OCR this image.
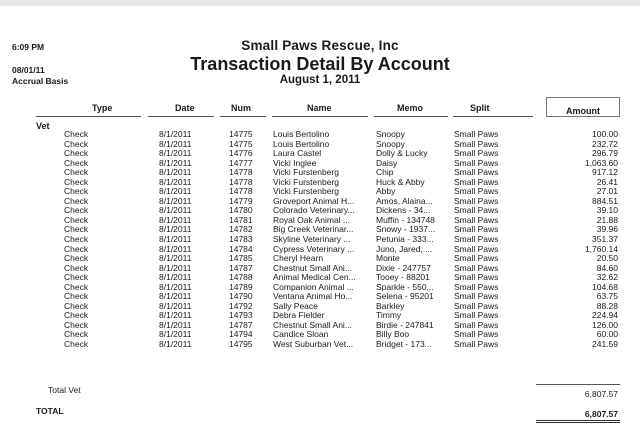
6:09 PM
08/01/11
Accrual Basis
Small Paws Rescue, Inc
Transaction Detail By Account
August 1, 2011
Type	Date	Num	Name	Memo	Split	Amount
Vet
Check	8/1/2011	14775 Louis Bertolino	Snoopy	Small Paws	100.00
Check	8/1/2011	14775 Louis Bertolino	Snoopy	Small Paws	232.72
Check	8/1/2011	14776 Laura Castel	Dolly & Lucky	Small Paws	296.79
Check	8/1/2011	14777 Vicki Inglee	Daisy	Small Paws	1,063.60
Check	8/1/2011	14778 Vicki Furstenberg	Chip	Small Paws	917.12
Check	8/1/2011	14778 Vicki Furstenberg	Huck & Abby	Small Paws	26.41
Check	8/1/2011	14778 Vicki Furstenberg	Abby	Small Paws	27.01
Check	8/1/2011	14779 Groveport Animal H...	Amos, Alaina...	Small Paws	884.51
Check	8/1/2011	14780 Colorado Veterinary...	Dickens - 34...	Small Paws	39.10
Check	8/1/2011	14781 Royal Oak Animal ...	Muffin - 134748 Small Paws	21.88
Check	8/1/2011	14782 Big Creek Veterinar...	Snowy - 1937... Small Paws	39.96
Check	8/1/2011	14783 Skyline Veterinary ...	Petunia - 333... Small Paws	351.37
Check	8/1/2011	14784 Cypress Veterinary ...	Juno, Jared, ...	Small Paws	1,760.14
Check	8/1/2011	14785 Cheryl Hearn	Monte	Small Paws	20.50
Check	8/1/2011	14787 Chestnut Small Ani...	Dixie - 247757	Small Paws	84.60
Check	8/1/2011	14788 Animal Medical Cen... Tooey - 88201	Small Paws	32.62
Check	8/1/2011	14789 Companion Animal ...	Sparkle - 550... Small Paws	104.68
Check	8/1/2011	14790 Ventana Animal Ho...	Selena - 95201 Small Paws	63.75
Check	8/1/2011	14792 Sally Peace	Barkley	Small Paws	88.28
Check	8/1/2011	14793 Debra Fielder	Timmy	Small Paws	224.94
Check	8/1/2011	14787 Chestnut Small Ani...	Birdie - 247841 Small Paws	126.00
Check	8/1/2011	14794 Candice Sloan	Billy Boo	Small Paws	60.00
Check	8/1/2011	14795 West Suburban Vet...	Bridget - 173...	Small Paws	241.59
Total Vet	6,807.57
TOTAL	6,807.57
